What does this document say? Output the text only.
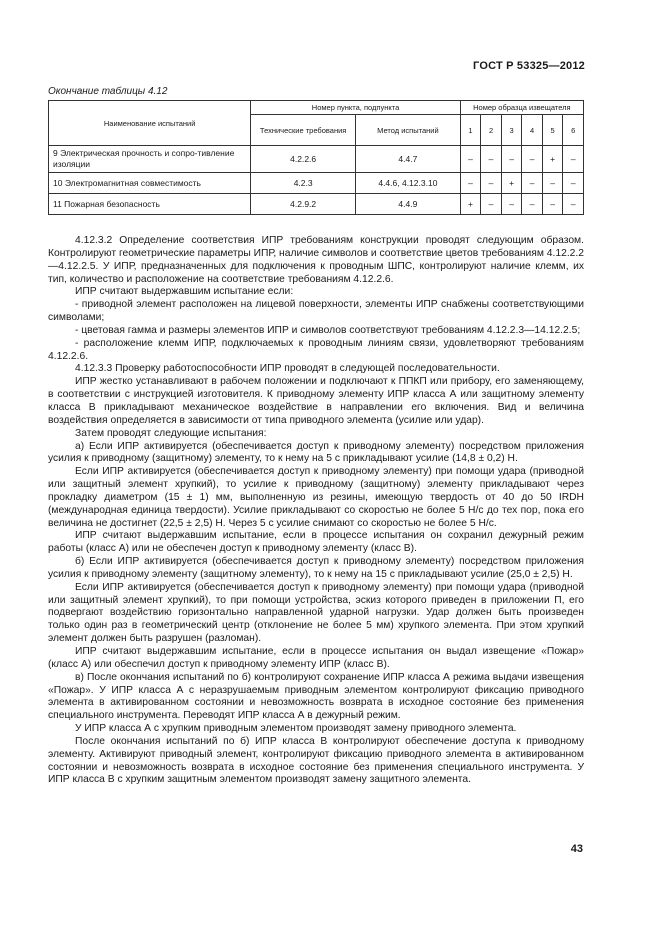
ГОСТ Р 53325—2012
Окончание таблицы 4.12
Наименование испытаний	Номер пункта, подпункта		Номер образца извещателя					
	Технические требования	Метод испытаний	1	2	3	4	5	6
9 Электрическая прочность и сопро-тивление изоляции	4.2.2.6	4.4.7	–	–	–	–	+	–
10 Электромагнитная совместимость	4.2.3	4.4.6, 4.12.3.10	–	–	+	–	–	–
11 Пожарная безопасность	4.2.9.2	4.4.9	+	–	–	–	–	–

4.12.3.2 Определение соответствия ИПР требованиям конструкции проводят следующим образом. Контролируют геометрические параметры ИПР, наличие символов и соответствие цветов требованиям 4.12.2.2—4.12.2.5. У ИПР, предназначенных для подключения к проводным ШПС, контролируют наличие клемм, их тип, количество и расположение на соответствие требованиям 4.12.2.6.

ИПР считают выдержавшим испытание если:

- приводной элемент расположен на лицевой поверхности, элементы ИПР снабжены соответствующими символами;

- цветовая гамма и размеры элементов ИПР и символов соответствуют требованиям 4.12.2.3—14.12.2.5;

- расположение клемм ИПР, подключаемых к проводным линиям связи, удовлетворяют требованиям 4.12.2.6.

4.12.3.3 Проверку работоспособности ИПР проводят в следующей последовательности.

ИПР жестко устанавливают в рабочем положении и подключают к ППКП или прибору, его заменяющему, в соответствии с инструкцией изготовителя. К приводному элементу ИПР класса А или защитному элементу класса В прикладывают механическое воздействие в направлении его включения. Вид и величина воздействия определяется в зависимости от типа приводного элемента (усилие или удар).

Затем проводят следующие испытания:

а) Если ИПР активируется (обеспечивается доступ к приводному элементу) посредством приложения усилия к приводному (защитному) элементу, то к нему на 5 с прикладывают усилие (14,8 ± 0,2) Н.

Если ИПР активируется (обеспечивается доступ к приводному элементу) при помощи удара (приводной или защитный элемент хрупкий), то усилие к приводному (защитному) элементу прикладывают через прокладку диаметром (15 ± 1) мм, выполненную из резины, имеющую твердость от 40 до 50 IRDH (международная единица твердости). Усилие прикладывают со скоростью не более 5 Н/с до тех пор, пока его величина не достигнет (22,5 ± 2,5) Н. Через 5 с усилие снимают со скоростью не более 5 Н/с.

ИПР считают выдержавшим испытание, если в процессе испытания он сохранил дежурный режим работы (класс А) или не обеспечен доступ к приводному элементу (класс В).

б) Если ИПР активируется (обеспечивается доступ к приводному элементу) посредством приложения усилия к приводному элементу (защитному элементу), то к нему на 15 с прикладывают усилие (25,0 ± 2,5) Н.

Если ИПР активируется (обеспечивается доступ к приводному элементу) при помощи удара (приводной или защитный элемент хрупкий), то при помощи устройства, эскиз которого приведен в приложении П, его подвергают воздействию горизонтально направленной ударной нагрузки. Удар должен быть произведен только один раз в геометрический центр (отклонение не более 5 мм) хрупкого элемента. При этом хрупкий элемент должен быть разрушен (разломан).

ИПР считают выдержавшим испытание, если в процессе испытания он выдал извещение «Пожар» (класс А) или обеспечил доступ к приводному элементу ИПР (класс В).

в) После окончания испытаний по б) контролируют сохранение ИПР класса А режима выдачи извещения «Пожар». У ИПР класса А с неразрушаемым приводным элементом контролируют фиксацию приводного элемента в активированном состоянии и невозможность возврата в исходное состояние без применения специального инструмента. Переводят ИПР класса А в дежурный режим.

У ИПР класса А с хрупким приводным элементом производят замену приводного элемента.

После окончания испытаний по б) ИПР класса В контролируют обеспечение доступа к приводному элементу. Активируют приводный элемент, контролируют фиксацию приводного элемента в активированном состоянии и невозможность возврата в исходное состояние без применения специального инструмента. У ИПР класса В с хрупким защитным элементом производят замену защитного элемента.

43
